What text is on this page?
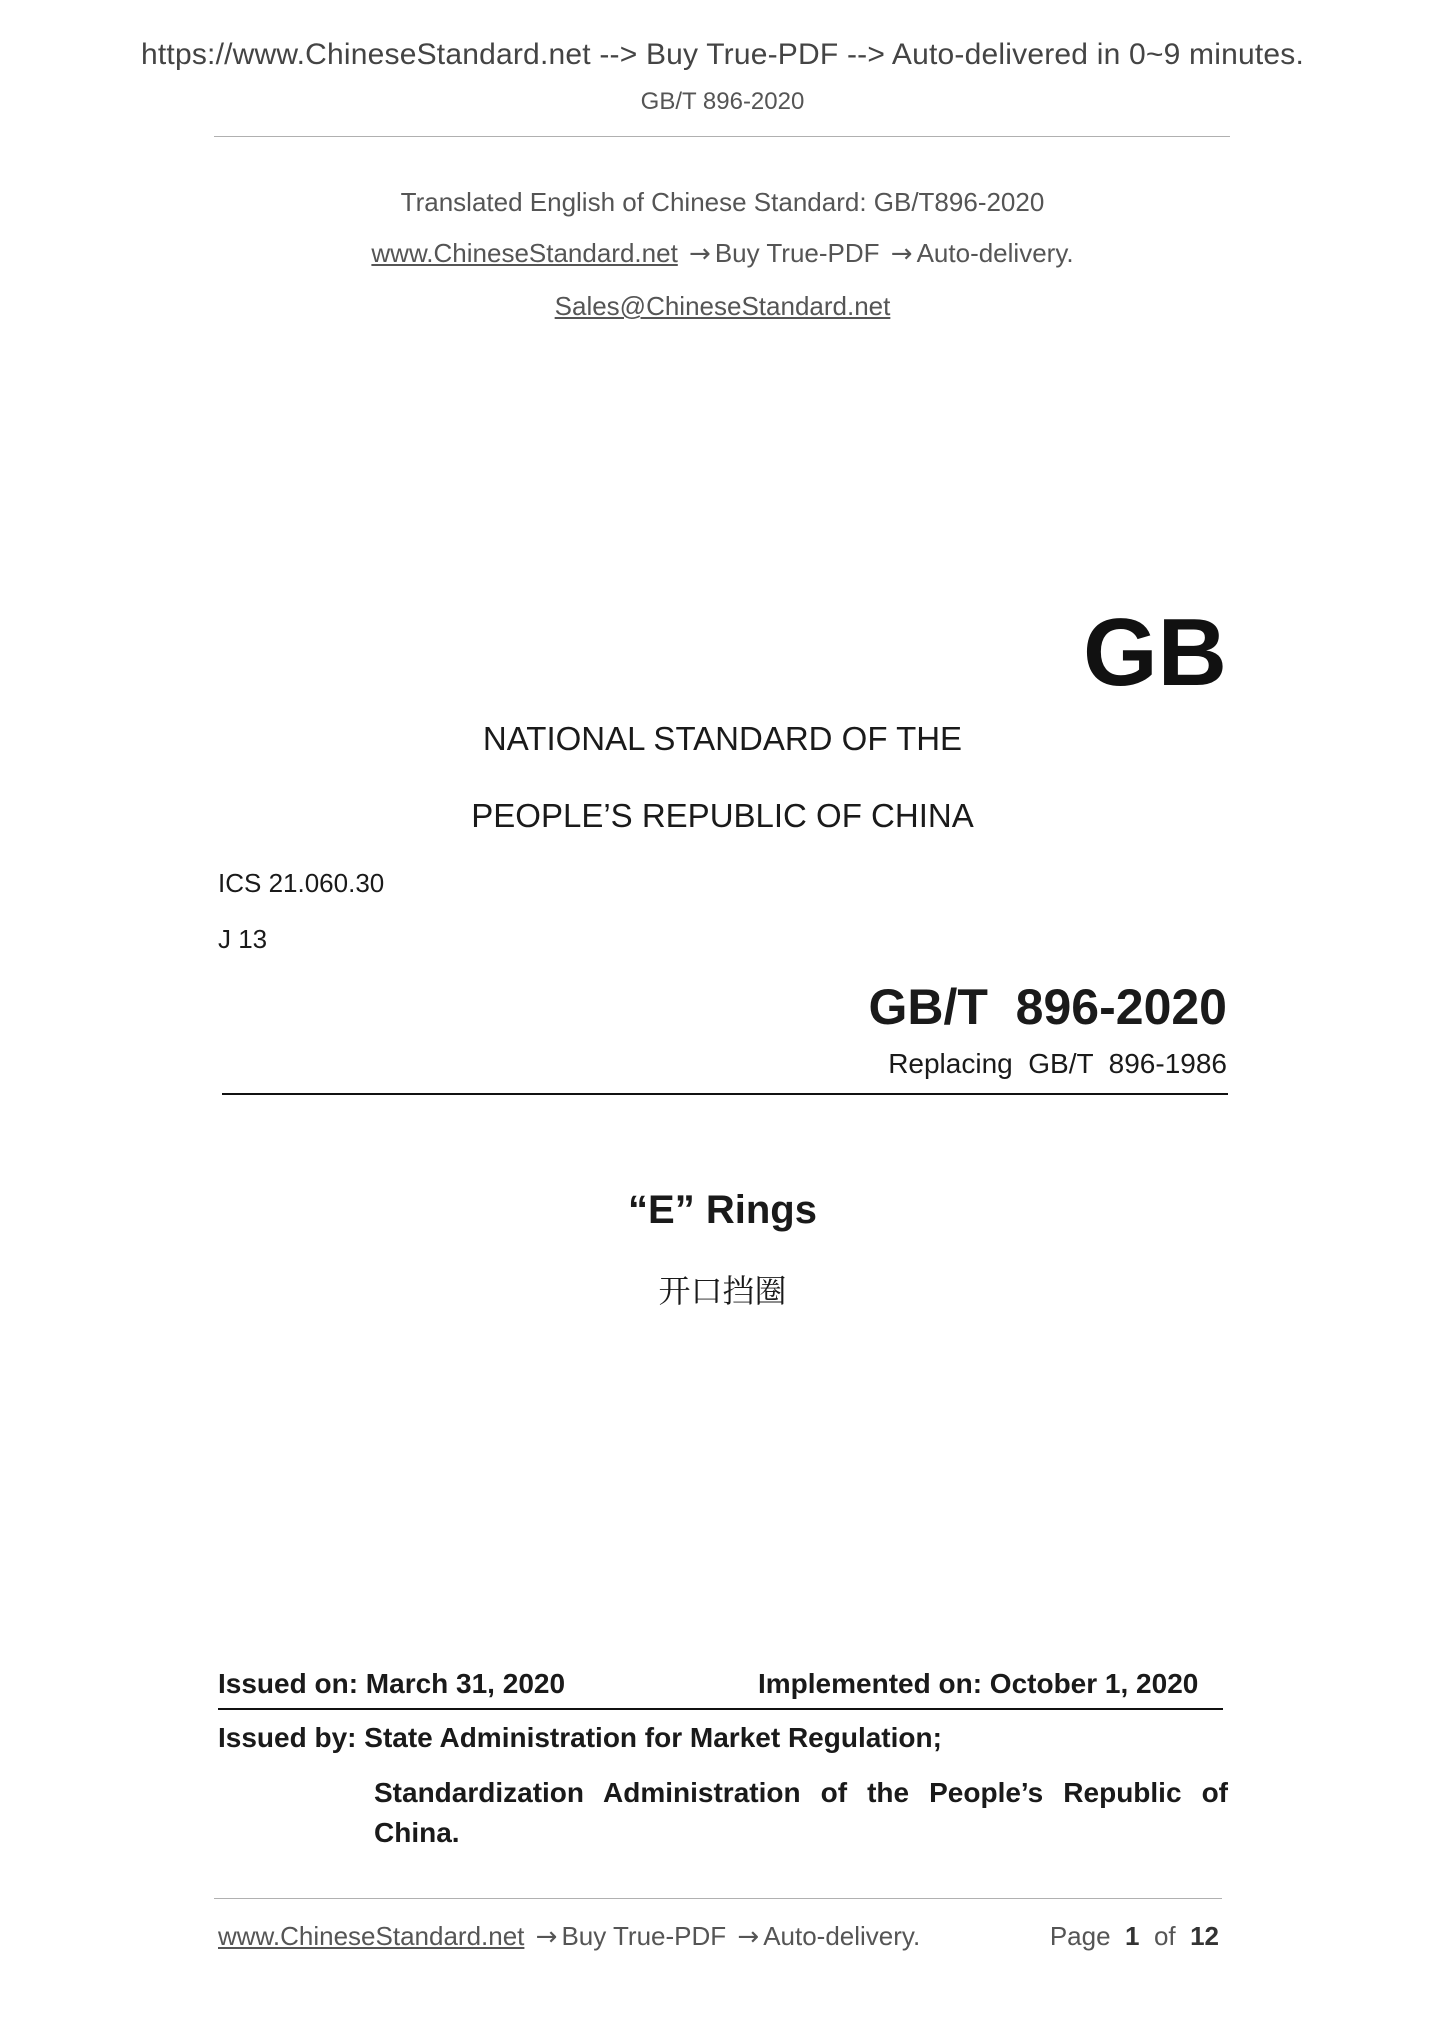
https://www.ChineseStandard.net --> Buy True-PDF --> Auto-delivered in 0~9 minutes.
GB/T 896-2020
Translated English of Chinese Standard: GB/T896-2020
www.ChineseStandard.net → Buy True-PDF → Auto-delivery.
Sales@ChineseStandard.net
GB
NATIONAL STANDARD OF THE
PEOPLE’S REPUBLIC OF CHINA
ICS 21.060.30
J 13
GB/T  896-2020
Replacing  GB/T  896-1986
“E” Rings
开口挡圈
Issued on: March 31, 2020	Implemented on: October 1, 2020
Issued by: State Administration for Market Regulation;
Standardization Administration of the People’s Republic of China.
www.ChineseStandard.net → Buy True-PDF → Auto-delivery.	Page 1 of 12
